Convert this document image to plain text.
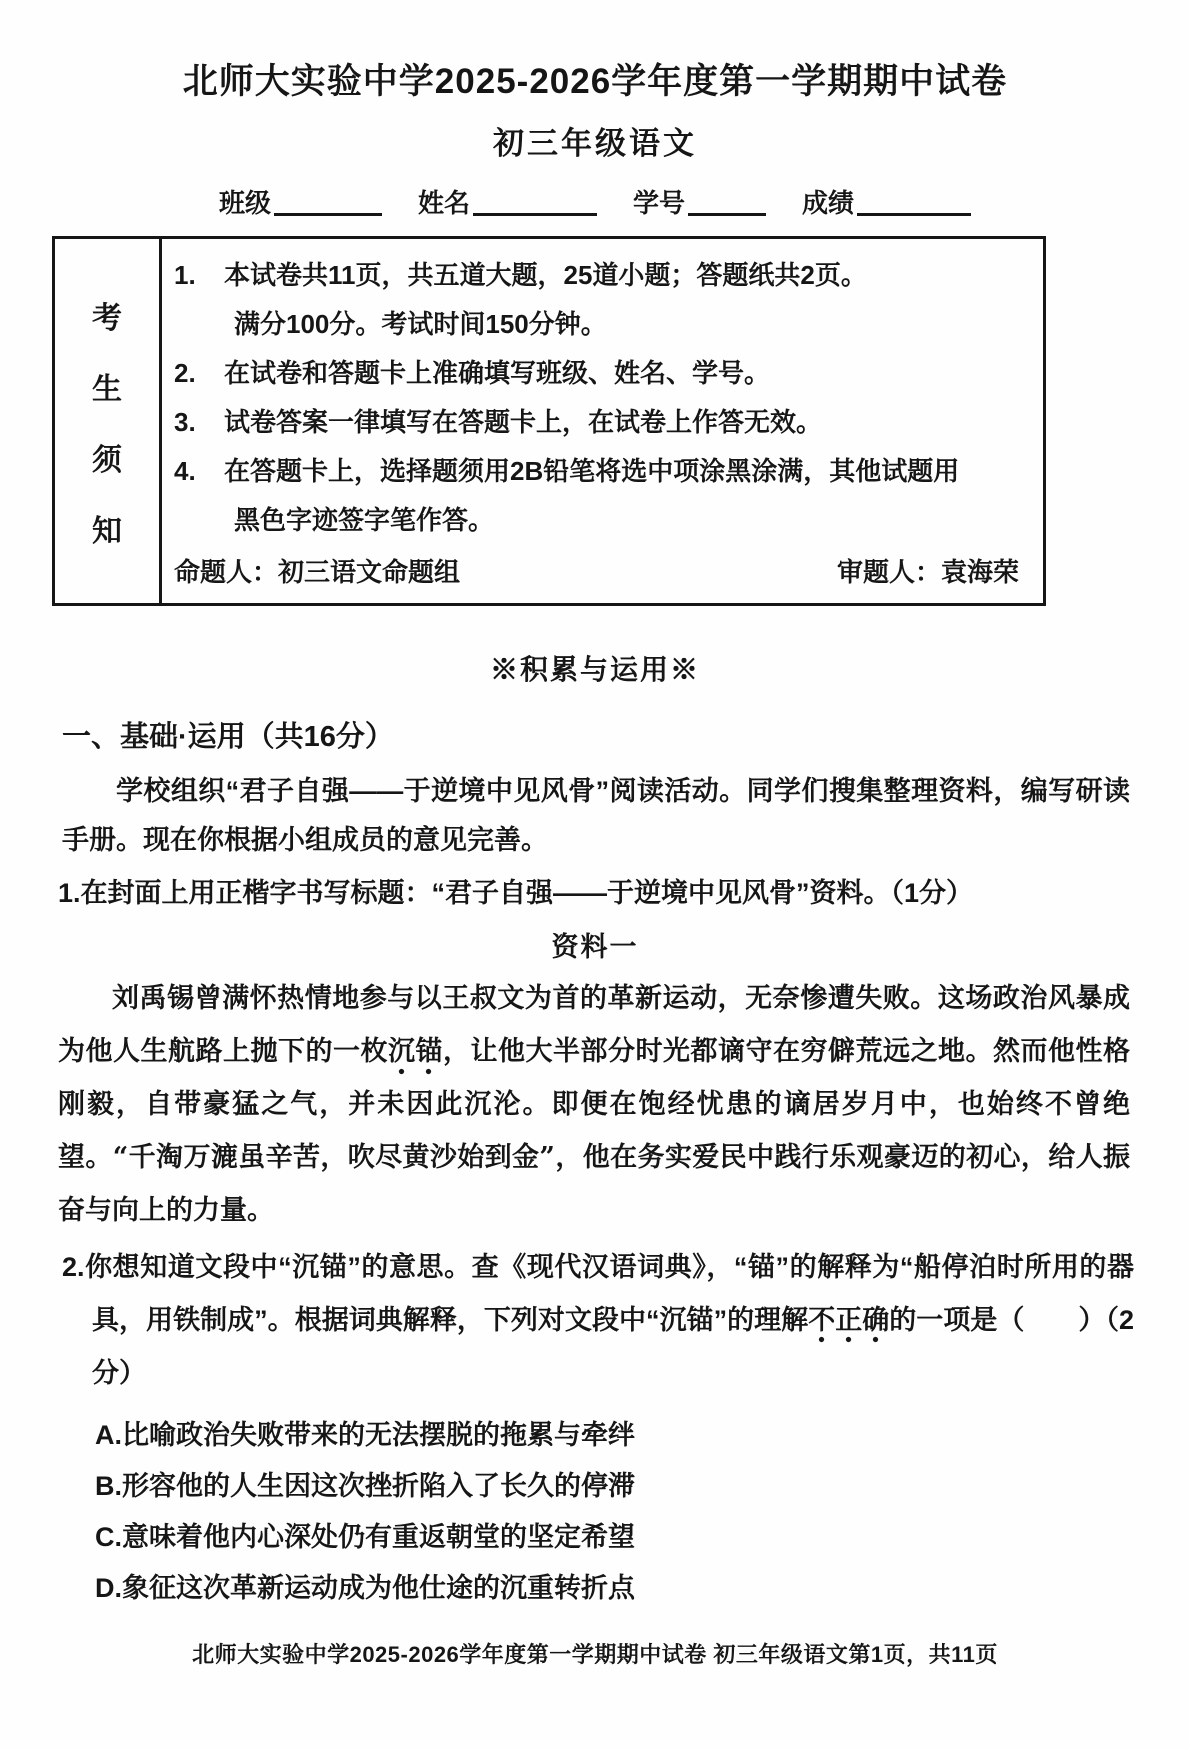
北师大实验中学2025-2026学年度第一学期期中试卷
初三年级语文
班级	姓名	学号	成绩
考
生
须
知
1.	本试卷共11页，共五道大题，25道小题；答题纸共2页。
满分100分。考试时间150分钟。
2.	在试卷和答题卡上准确填写班级、姓名、学号。
3.	试卷答案一律填写在答题卡上，在试卷上作答无效。
4.	在答题卡上，选择题须用2B铅笔将选中项涂黑涂满，其他试题用
黑色字迹签字笔作答。
命题人：初三语文命题组	审题人：袁海荣
※积累与运用※
一、基础·运用（共16分）

学校组织“君子自强——于逆境中见风骨”阅读活动。同学们搜集整理资料，编写研读手册。现在你根据小组成员的意见完善。

1.在封面上用正楷字书写标题：“君子自强——于逆境中见风骨”资料。（1分）

资料一

刘禹锡曾满怀热情地参与以王叔文为首的革新运动，无奈惨遭失败。这场政治风暴成为他人生航路上抛下的一枚沉锚，让他大半部分时光都谪守在穷僻荒远之地。然而他性格刚毅，自带豪猛之气，并未因此沉沦。即便在饱经忧患的谪居岁月中，也始终不曾绝望。“千淘万漉虽辛苦，吹尽黄沙始到金”，他在务实爱民中践行乐观豪迈的初心，给人振奋与向上的力量。

2.你想知道文段中“沉锚”的意思。查《现代汉语词典》，“锚”的解释为“船停泊时所用的器具，用铁制成”。根据词典解释，下列对文段中“沉锚”的理解不正确的一项是（　　）（2分）

A.比喻政治失败带来的无法摆脱的拖累与牵绊
B.形容他的人生因这次挫折陷入了长久的停滞
C.意味着他内心深处仍有重返朝堂的坚定希望
D.象征这次革新运动成为他仕途的沉重转折点
北师大实验中学2025-2026学年度第一学期期中试卷 初三年级语文第1页，共11页
